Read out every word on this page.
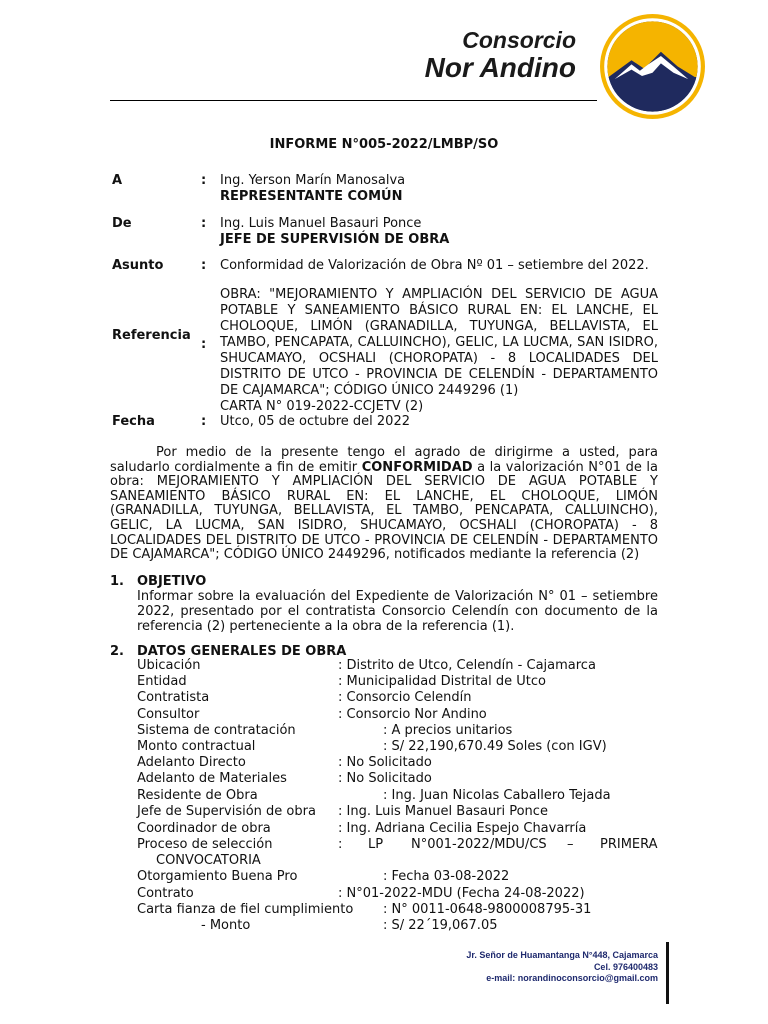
Consorcio
Nor Andino
INFORME N°005-2022/LMBP/SO
A	: Ing. Yerson Marín Manosalva
REPRESENTANTE COMÚN
De	: Ing. Luis Manuel Basauri Ponce
JEFE DE SUPERVISIÓN DE OBRA
Asunto	: Conformidad de Valorización de Obra Nº 01 – setiembre del 2022.
Referencia
:
OBRA: "MEJORAMIENTO Y AMPLIACIÓN DEL SERVICIO DE AGUA POTABLE Y SANEAMIENTO BÁSICO RURAL EN: EL LANCHE, EL CHOLOQUE, LIMÓN (GRANADILLA, TUYUNGA, BELLAVISTA, EL TAMBO, PENCAPATA, CALLUINCHO), GELIC, LA LUCMA, SAN ISIDRO, SHUCAMAYO, OCSHALI (CHOROPATA) - 8 LOCALIDADES DEL DISTRITO DE UTCO - PROVINCIA DE CELENDÍN - DEPARTAMENTO DE CAJAMARCA"; CÓDIGO ÚNICO 2449296 (1)
CARTA N° 019-2022-CCJETV (2)
Fecha	: Utco, 05 de octubre del 2022
Por medio de la presente tengo el agrado de dirigirme a usted, para saludarlo cordialmente a fin de emitir CONFORMIDAD a la valorización N°01 de la obra: MEJORAMIENTO Y AMPLIACIÓN DEL SERVICIO DE AGUA POTABLE Y SANEAMIENTO BÁSICO RURAL EN: EL LANCHE, EL CHOLOQUE, LIMÓN (GRANADILLA, TUYUNGA, BELLAVISTA, EL TAMBO, PENCAPATA, CALLUINCHO), GELIC, LA LUCMA, SAN ISIDRO, SHUCAMAYO, OCSHALI (CHOROPATA) - 8 LOCALIDADES DEL DISTRITO DE UTCO - PROVINCIA DE CELENDÍN - DEPARTAMENTO DE CAJAMARCA"; CÓDIGO ÚNICO 2449296, notificados mediante la referencia (2)
1. OBJETIVO
Informar sobre la evaluación del Expediente de Valorización N° 01 – setiembre 2022, presentado por el contratista Consorcio Celendín con documento de la referencia (2) perteneciente a la obra de la referencia (1).
2. DATOS GENERALES DE OBRA
Ubicación	: Distrito de Utco, Celendín - Cajamarca
Entidad	: Municipalidad Distrital de Utco
Contratista	: Consorcio Celendín
Consultor	: Consorcio Nor Andino
Sistema de contratación	: A precios unitarios
Monto contractual	: S/ 22,190,670.49 Soles (con IGV)
Adelanto Directo	: No Solicitado
Adelanto de Materiales	: No Solicitado
Residente de Obra	: Ing. Juan Nicolas Caballero Tejada
Jefe de Supervisión de obra : Ing. Luis Manuel Basauri Ponce
Coordinador de obra	: Ing. Adriana Cecilia Espejo Chavarría
Proceso de selección	: LP N°001-2022/MDU/CS – PRIMERA
CONVOCATORIA
Otorgamiento Buena Pro	: Fecha 03-08-2022
Contrato	: N°01-2022-MDU (Fecha 24-08-2022)
Carta fianza de fiel cumplimiento : N° 0011-0648-9800008795-31
- Monto	: S/ 22´19,067.05
Jr. Señor de Huamantanga N°448, Cajamarca
Cel. 976400483
e-mail: norandinoconsorcio@gmail.com
